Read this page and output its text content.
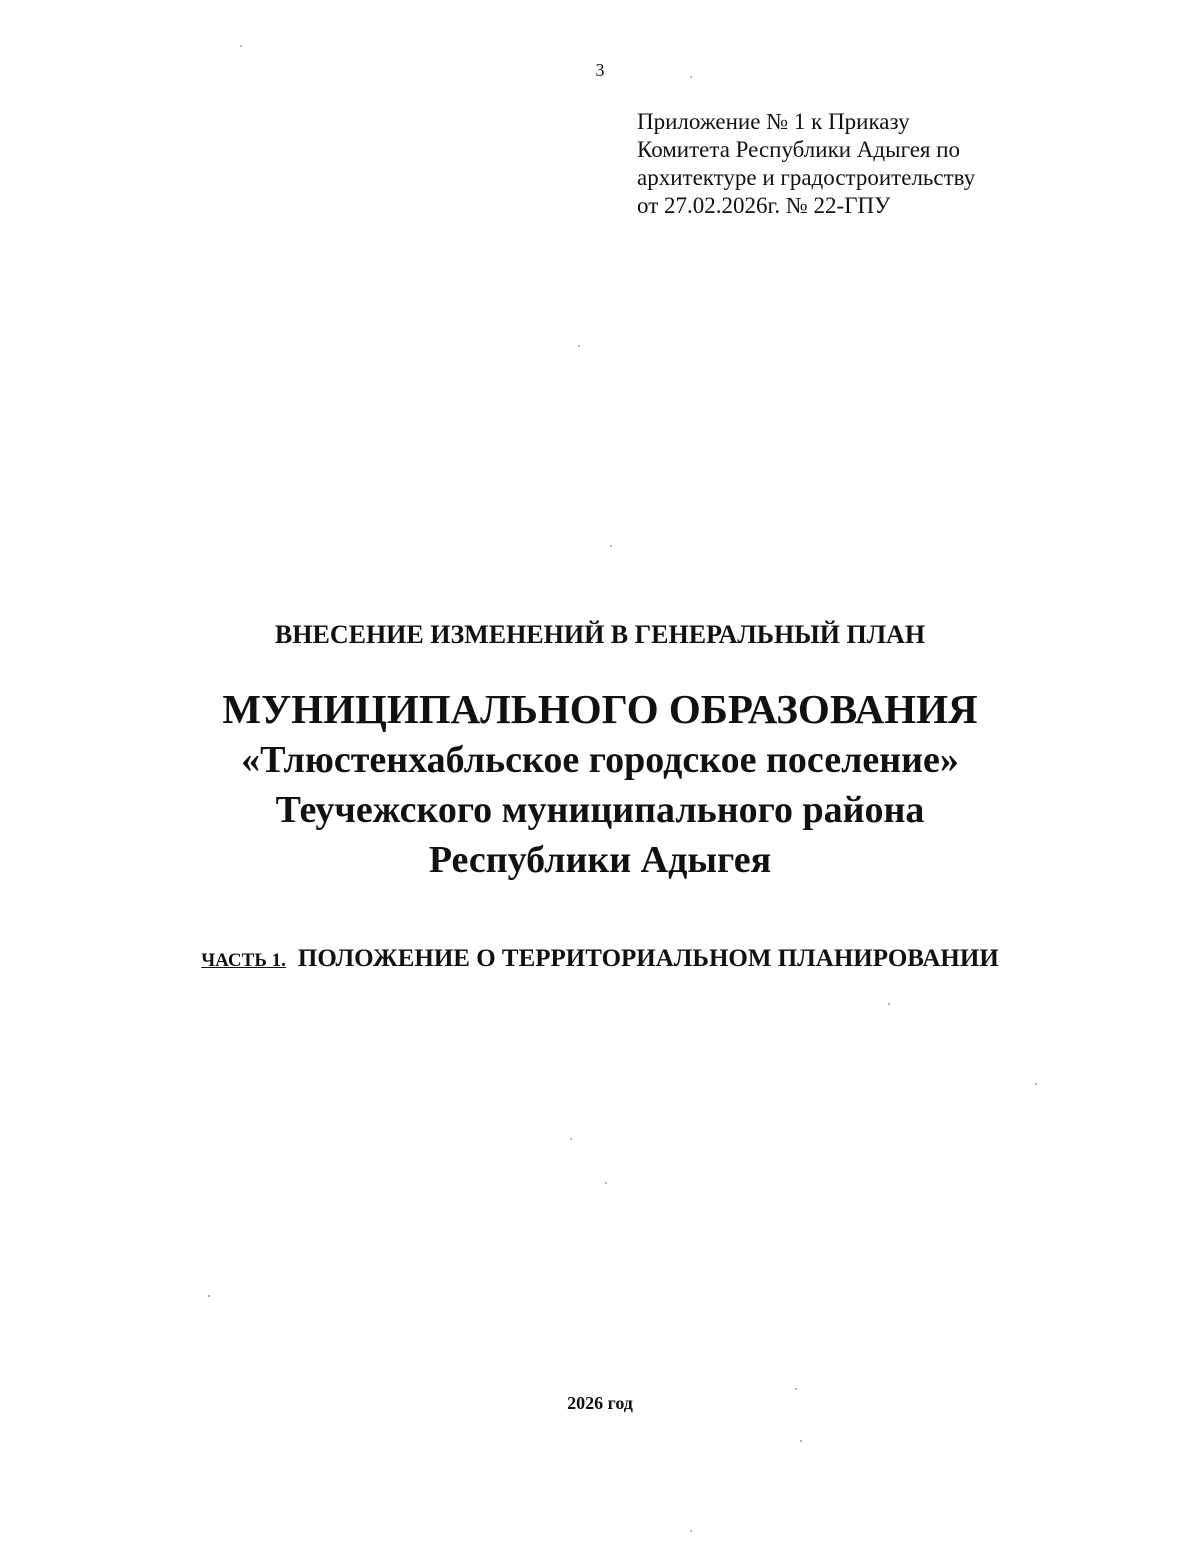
3
Приложение № 1 к Приказу
Комитета Республики Адыгея по
архитектуре и градостроительству
от 27.02.2026г. № 22-ГПУ
ВНЕСЕНИЕ ИЗМЕНЕНИЙ В ГЕНЕРАЛЬНЫЙ ПЛАН
МУНИЦИПАЛЬНОГО ОБРАЗОВАНИЯ
«Тлюстенхабльское городское поселение»
Теучежского муниципального района
Республики Адыгея
ЧАСТЬ 1. ПОЛОЖЕНИЕ О ТЕРРИТОРИАЛЬНОМ ПЛАНИРОВАНИИ
2026 год
